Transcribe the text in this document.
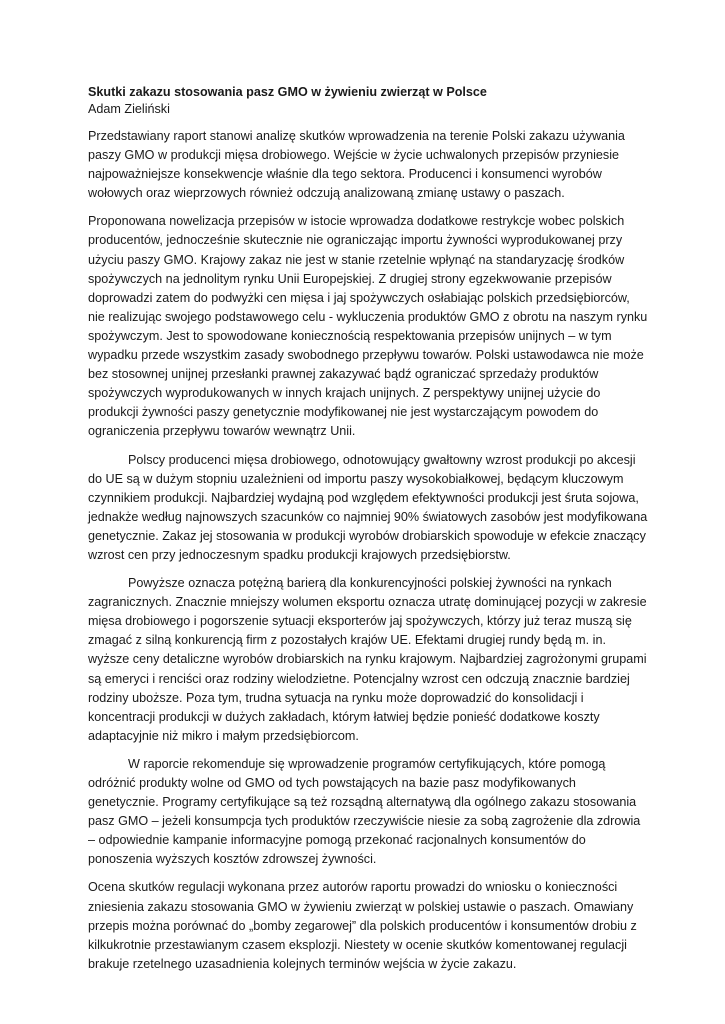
Skutki zakazu stosowania pasz GMO w żywieniu zwierząt w Polsce

Adam Zieliński

Przedstawiany raport stanowi analizę skutków wprowadzenia na terenie Polski zakazu używania paszy GMO w produkcji mięsa drobiowego. Wejście w życie uchwalonych przepisów przyniesie najpoważniejsze konsekwencje właśnie dla tego sektora. Producenci i konsumenci wyrobów wołowych oraz wieprzowych również odczują analizowaną zmianę ustawy o paszach.

Proponowana nowelizacja przepisów w istocie wprowadza dodatkowe restrykcje wobec polskich producentów, jednocześnie skutecznie nie ograniczając importu żywności wyprodukowanej przy użyciu paszy GMO. Krajowy zakaz nie jest w stanie rzetelnie wpłynąć na standaryzację środków spożywczych na jednolitym rynku Unii Europejskiej. Z drugiej strony egzekwowanie przepisów doprowadzi zatem do podwyżki cen mięsa i jaj spożywczych osłabiając polskich przedsiębiorców, nie realizując swojego podstawowego celu - wykluczenia produktów GMO z obrotu na naszym rynku spożywczym. Jest to spowodowane koniecznością respektowania przepisów unijnych – w tym wypadku przede wszystkim zasady swobodnego przepływu towarów. Polski ustawodawca nie może bez stosownej unijnej przesłanki prawnej zakazywać bądź ograniczać sprzedaży produktów spożywczych wyprodukowanych w innych krajach unijnych. Z perspektywy unijnej użycie do produkcji żywności paszy genetycznie modyfikowanej nie jest wystarczającym powodem do ograniczenia przepływu towarów wewnątrz Unii.

Polscy producenci mięsa drobiowego, odnotowujący gwałtowny wzrost produkcji po akcesji do UE są w dużym stopniu uzależnieni od importu paszy wysokobiałkowej, będącym kluczowym czynnikiem produkcji. Najbardziej wydajną pod względem efektywności produkcji jest śruta sojowa, jednakże według najnowszych szacunków co najmniej 90% światowych zasobów jest modyfikowana genetycznie. Zakaz jej stosowania w produkcji wyrobów drobiarskich spowoduje w efekcie znaczący wzrost cen przy jednoczesnym spadku produkcji krajowych przedsiębiorstw.

Powyższe oznacza potężną barierą dla konkurencyjności polskiej żywności na rynkach zagranicznych. Znacznie mniejszy wolumen eksportu oznacza utratę dominującej pozycji w zakresie mięsa drobiowego i pogorszenie sytuacji eksporterów jaj spożywczych, którzy już teraz muszą się zmagać z silną konkurencją firm z pozostałych krajów UE. Efektami drugiej rundy będą m. in. wyższe ceny detaliczne wyrobów drobiarskich na rynku krajowym. Najbardziej zagrożonymi grupami są emeryci i renciści oraz rodziny wielodzietne. Potencjalny wzrost cen odczują znacznie bardziej rodziny uboższe. Poza tym, trudna sytuacja na rynku może doprowadzić do konsolidacji i koncentracji produkcji w dużych zakładach, którym łatwiej będzie ponieść dodatkowe koszty adaptacyjnie niż mikro i małym przedsiębiorcom.

W raporcie rekomenduje się wprowadzenie programów certyfikujących, które pomogą odróżnić produkty wolne od GMO od tych powstających na bazie pasz modyfikowanych genetycznie. Programy certyfikujące są też rozsądną alternatywą dla ogólnego zakazu stosowania pasz GMO – jeżeli konsumpcja tych produktów rzeczywiście niesie za sobą zagrożenie dla zdrowia – odpowiednie kampanie informacyjne pomogą przekonać racjonalnych konsumentów do ponoszenia wyższych kosztów zdrowszej żywności.

Ocena skutków regulacji wykonana przez autorów raportu prowadzi do wniosku o konieczności zniesienia zakazu stosowania GMO w żywieniu zwierząt w polskiej ustawie o paszach. Omawiany przepis można porównać do „bomby zegarowej” dla polskich producentów i konsumentów drobiu z kilkukrotnie przestawianym czasem eksplozji. Niestety w ocenie skutków komentowanej regulacji brakuje rzetelnego uzasadnienia kolejnych terminów wejścia w życie zakazu.
